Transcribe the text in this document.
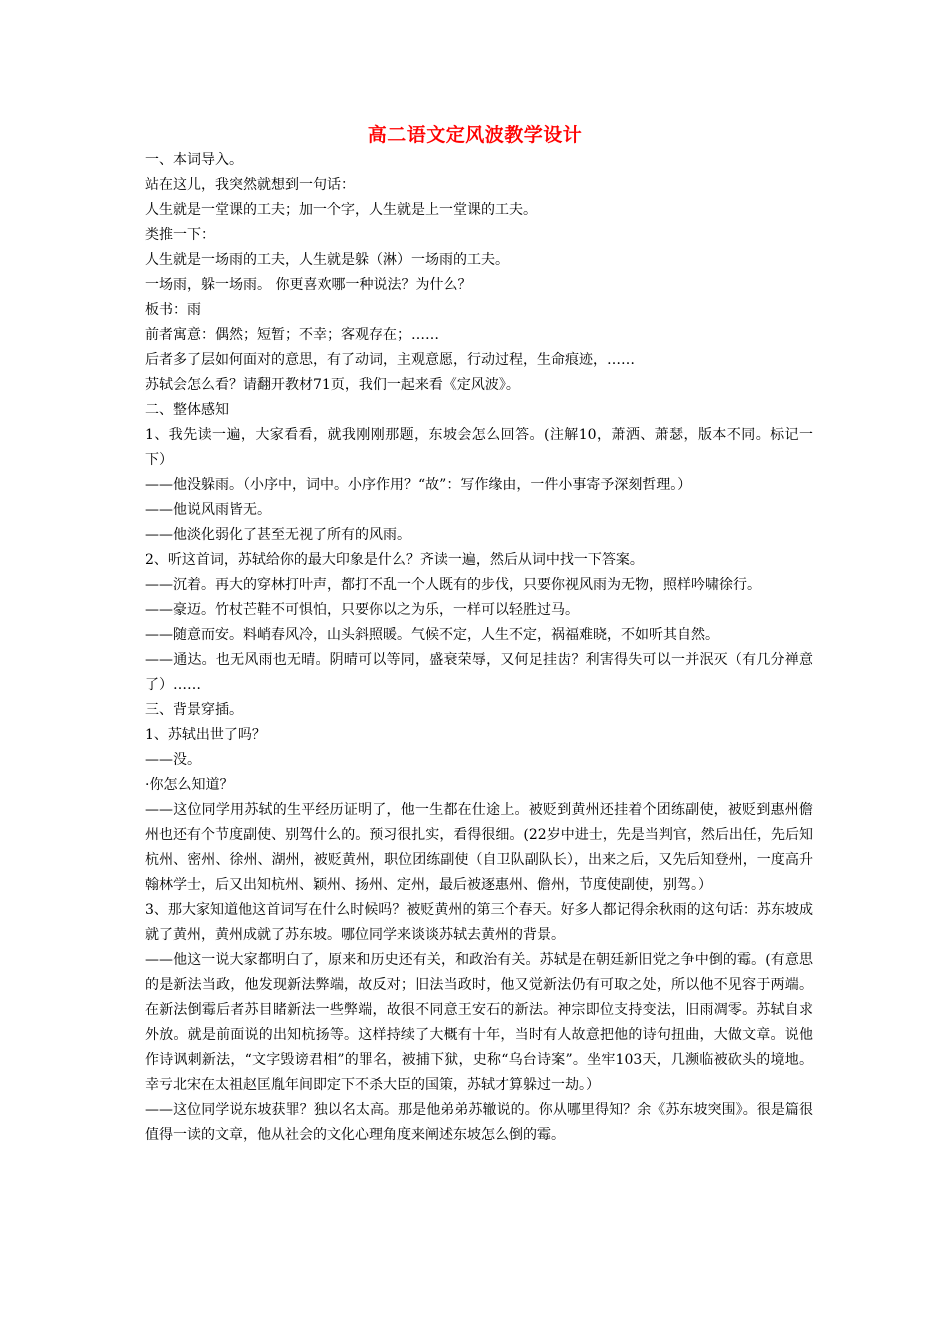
高二语文定风波教学设计

一、本词导入。

站在这儿，我突然就想到一句话：

人生就是一堂课的工夫；加一个字，人生就是上一堂课的工夫。

类推一下：

人生就是一场雨的工夫，人生就是躲（淋）一场雨的工夫。

一场雨，躲一场雨。 你更喜欢哪一种说法？为什么？

板书：雨

前者寓意：偶然；短暂；不幸；客观存在；……

后者多了层如何面对的意思，有了动词，主观意愿，行动过程，生命痕迹，……

苏轼会怎么看？请翻开教材71页，我们一起来看《定风波》。

二、整体感知

1、我先读一遍，大家看看，就我刚刚那题，东坡会怎么回答。(注解10，萧洒、萧瑟，版本不同。标记一下）

——他没躲雨。（小序中，词中。小序作用？“故”：写作缘由，一件小事寄予深刻哲理。）

——他说风雨皆无。

——他淡化弱化了甚至无视了所有的风雨。

2、听这首词，苏轼给你的最大印象是什么？齐读一遍，然后从词中找一下答案。

——沉着。再大的穿林打叶声，都打不乱一个人既有的步伐，只要你视风雨为无物，照样吟啸徐行。

——豪迈。竹杖芒鞋不可惧怕，只要你以之为乐，一样可以轻胜过马。

——随意而安。料峭春风冷，山头斜照暖。气候不定，人生不定，祸福难晓，不如听其自然。

——通达。也无风雨也无晴。阴晴可以等同，盛衰荣辱，又何足挂齿？利害得失可以一并泯灭（有几分禅意了）……

三、背景穿插。

1、苏轼出世了吗？

——没。

·你怎么知道？

——这位同学用苏轼的生平经历证明了，他一生都在仕途上。被贬到黄州还挂着个团练副使，被贬到惠州儋州也还有个节度副使、别驾什么的。预习很扎实，看得很细。(22岁中进士，先是当判官，然后出任，先后知杭州、密州、徐州、湖州，被贬黄州，职位团练副使（自卫队副队长），出来之后，又先后知登州，一度高升翰林学士，后又出知杭州、颖州、扬州、定州，最后被逐惠州、儋州，节度使副使，别驾。）

3、那大家知道他这首词写在什么时候吗？被贬黄州的第三个春天。好多人都记得余秋雨的这句话：苏东坡成就了黄州，黄州成就了苏东坡。哪位同学来谈谈苏轼去黄州的背景。

——他这一说大家都明白了，原来和历史还有关，和政治有关。苏轼是在朝廷新旧党之争中倒的霉。(有意思的是新法当政，他发现新法弊端，故反对；旧法当政时，他又觉新法仍有可取之处，所以他不见容于两端。在新法倒霉后者苏目睹新法一些弊端，故很不同意王安石的新法。神宗即位支持变法，旧雨凋零。苏轼自求外放。就是前面说的出知杭扬等。这样持续了大概有十年，当时有人故意把他的诗句扭曲，大做文章。说他作诗讽刺新法，“文字毁谤君相”的罪名，被捕下狱，史称“乌台诗案”。坐牢103天，几濒临被砍头的境地。幸亏北宋在太祖赵匡胤年间即定下不杀大臣的国策，苏轼才算躲过一劫。）

——这位同学说东坡获罪？独以名太高。那是他弟弟苏辙说的。你从哪里得知？余《苏东坡突围》。很是篇很值得一读的文章，他从社会的文化心理角度来阐述东坡怎么倒的霉。
